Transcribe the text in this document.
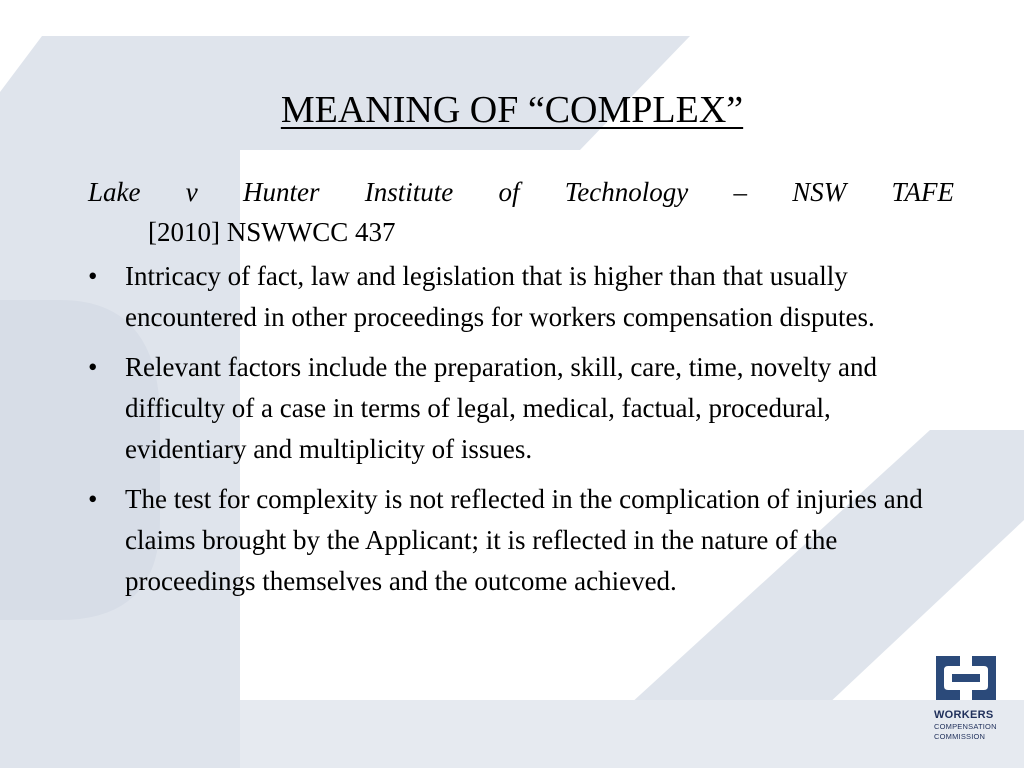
MEANING OF “COMPLEX”

Lake v Hunter Institute of Technology – NSW TAFE

[2010] NSWWCC 437

•	Intricacy of fact, law and legislation that is higher than that usually encountered in other proceedings for workers compensation disputes.
•	Relevant factors include the preparation, skill, care, time, novelty and difficulty of a case in terms of legal, medical, factual, procedural, evidentiary and multiplicity of issues.
•	The test for complexity is not reflected in the complication of injuries and claims brought by the Applicant; it is reflected in the nature of the proceedings themselves and the outcome achieved.
WORKERS
COMPENSATION
COMMISSION
